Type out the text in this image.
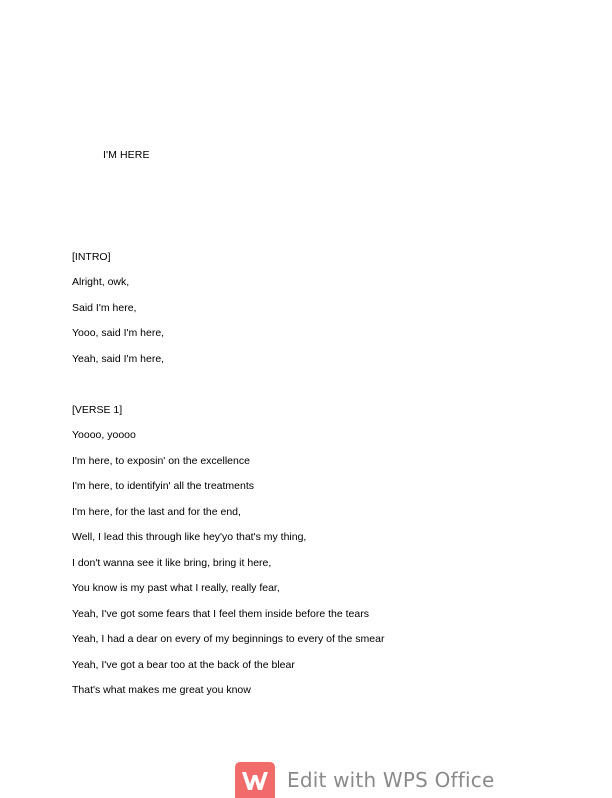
I'M HERE
[INTRO]
Alright, owk,
Said I'm here,
Yooo, said I'm here,
Yeah, said I'm here,
[VERSE 1]
Yoooo, yoooo
I'm here, to exposin' on the excellence
I'm here, to identifyin' all the treatments
I'm here, for the last and for the end,
Well, I lead this through like hey'yo that's my thing,
I don't wanna see it like bring, bring it here,
You know is my past what I really, really fear,
Yeah, I've got some fears that I feel them inside before the tears
Yeah, I had a dear on every of my beginnings to every of the smear
Yeah, I've got a bear too at the back of the blear
That's what makes me great you know
Edit with WPS Office
